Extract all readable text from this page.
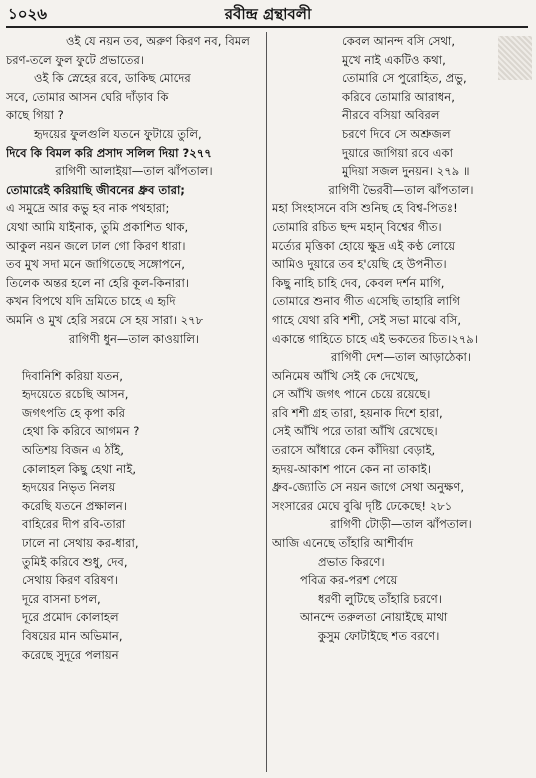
১০২৬	রবীন্দ্র গ্রন্থাবলী
ওই যে নয়ন তব, অরুণ কিরণ নব, বিমল
চরণ-তলে ফুল ফুটে প্রভাতের।
ওই কি স্নেহের রবে, ডাকিছ মোদের
সবে, তোমার আসন ঘেরি দাঁড়াব কি
কাছে গিয়া ?
হৃদয়ের ফুলগুলি যতনে ফুটায়ে তুলি,
দিবে কি বিমল করি প্রসাদ সলিল দিয়া ?২৭৭
রাগিণী আলাইয়া—তাল ঝাঁপতাল।
তোমারেই করিয়াছি জীবনের ধ্রুব তারা;
এ সমুদ্রে আর কভু হব নাক পথহারা;
যেথা আমি যাইনাক, তুমি প্রকাশিত থাক,
আকুল নয়ন জলে ঢাল গো কিরণ ধারা।
তব মুখ সদা মনে জাগিতেছে সঙ্গোপনে,
তিলেক অন্তর হলে না হেরি কূল-কিনারা।
কখন বিপথে যদি ভ্রমিতে চাহে এ হৃদি
অমনি ও মুখ হেরি সরমে সে হয় সারা। ২৭৮
রাগিণী ধুন—তাল কাওয়ালি।
দিবানিশি করিয়া যতন,
হৃদয়েতে রচেছি আসন,
জগৎপতি হে কৃপা করি
হেথা কি করিবে আগমন ?
অতিশয় বিজন এ ঠাঁই,
কোলাহল কিছু হেথা নাই,
হৃদয়ের নিভৃত নিলয়
করেছি যতনে প্রক্ষালন।
বাহিরের দীপ রবি-তারা
ঢালে না সেথায় কর-ধারা,
তুমিই করিবে শুধু, দেব,
সেথায় কিরণ বরিষণ।
দূরে বাসনা চপল,
দূরে প্রমোদ কোলাহল
বিষয়ের মান অভিমান,
করেছে সুদূরে পলায়ন
কেবল আনন্দ বসি সেথা,
মুখে নাই একটিও কথা,
তোমারি সে পুরোহিত, প্রভু,
করিবে তোমারি আরাধন,
নীরবে বসিয়া অবিরল
চরণে দিবে সে অশ্রুজল
দুয়ারে জাগিয়া রবে একা
মুদিয়া সজল দুনয়ন। ২৭৯ ॥
রাগিণী ভৈরবী—তাল ঝাঁপতাল।
মহা সিংহাসনে বসি শুনিছ হে বিশ্ব-পিতঃ!
তোমারি রচিত ছন্দ মহান্ বিশ্বের গীত।
মর্ত্যের মৃত্তিকা হোয়ে ক্ষুদ্র এই কণ্ঠ লোয়ে
আমিও দুয়ারে তব হ'য়েছি হে উপনীত।
কিছু নাহি চাহি দেব, কেবল দর্শন মাগি,
তোমারে শুনাব গীত এসেছি তাহারি লাগি
গাহে যেথা রবি শশী, সেই সভা মাঝে বসি,
একান্তে গাহিতে চাহে এই ভকতের চিত।২৭৯।
রাগিণী দেশ—তাল আড়াঠেকা।
অনিমেষ আঁখি সেই কে দেখেছে,
সে আঁখি জগৎ পানে চেয়ে রয়েছে।
রবি শশী গ্রহ তারা, হয়নাক দিশে হারা,
সেই আঁখি পরে তারা আঁখি রেখেছে।
তরাসে আঁধারে কেন কাঁদিয়া বেড়াই,
হৃদয়-আকাশ পানে কেন না তাকাই।
ধ্রুব-জ্যোতি সে নয়ন জাগে সেথা অনুক্ষণ,
সংসারের মেঘে বুঝি দৃষ্টি ঢেকেছে! ২৮১
রাগিণী টোড়ী—তাল ঝাঁপতাল।
আজি এনেছে তাঁহারি আশীর্বাদ
প্রভাত কিরণে।
পবিত্র কর-পরশ পেয়ে
ধরণী লুটিছে তাঁহারি চরণে।
আনন্দে তরুলতা নোয়াইছে মাথা
কুসুম ফোটাইছে শত বরণে।
